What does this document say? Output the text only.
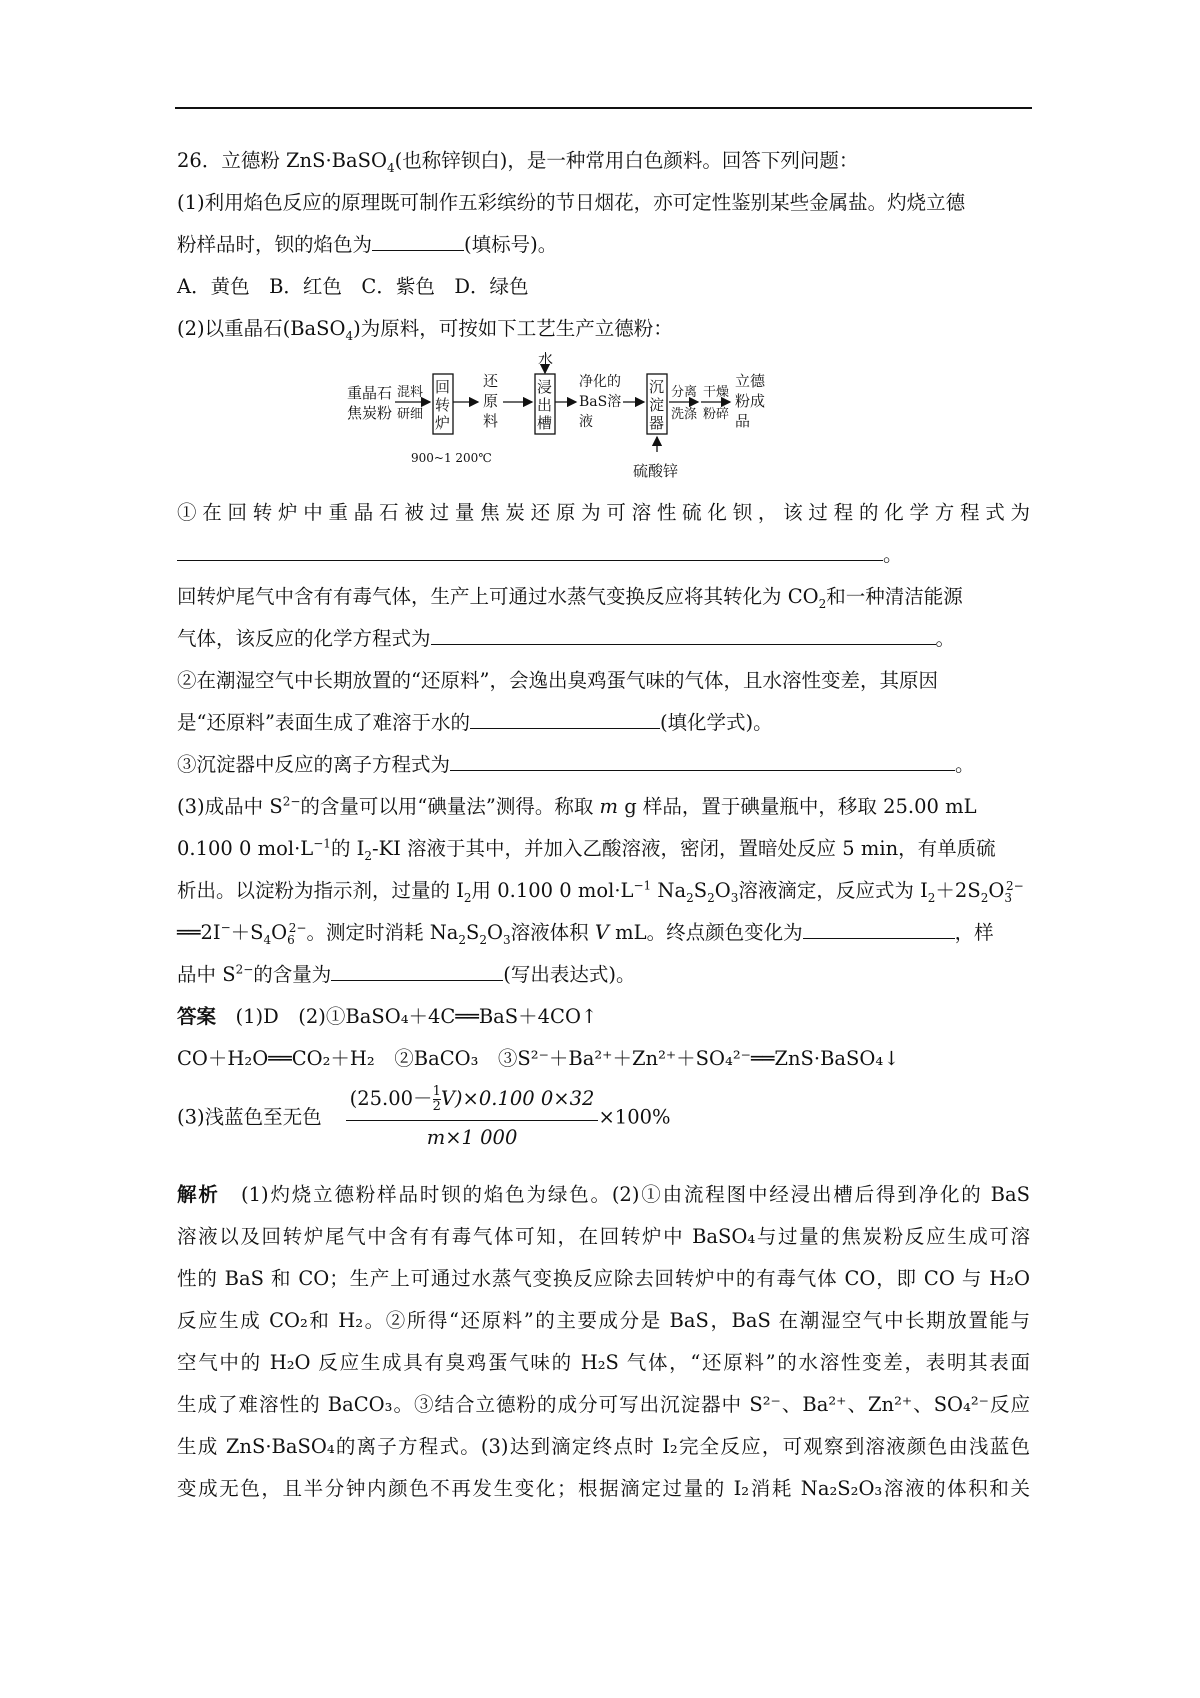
26．立德粉 ZnS·BaSO$_4$(也称锌钡白)，是一种常用白色颜料。回答下列问题：
(1)利用焰色反应的原理既可制作五彩缤纷的节日烟花，亦可定性鉴别某些金属盐。灼烧立德
粉样品时，钡的焰色为	(填标号)。
A．黄色　B．红色　C．紫色　D．绿色
(2)以重晶石(BaSO$_4$)为原料，可按如下工艺生产立德粉：
重晶石
焦炭粉
混料
研细
回
转
炉
900~1 200℃
还
原
料
水
浸
出
槽
净化的
BaS溶
液
沉
淀
器
硫酸锌
分离
洗涤
干燥
粉碎
立德
粉成
品
①在回转炉中重晶石被过量焦炭还原为可溶性硫化钡，该过程的化学方程式为
。
回转炉尾气中含有有毒气体，生产上可通过水蒸气变换反应将其转化为 $CO_2$和一种清洁能源
气体，该反应的化学方程式为	。
②在潮湿空气中长期放置的“还原料”，会逸出臭鸡蛋气味的气体，且水溶性变差，其原因
是“还原料”表面生成了难溶于水的	(填化学式)。
③沉淀器中反应的离子方程式为	。
(3)成品中 $S^{2-}$的含量可以用“碘量法”测得。称取 m g 样品，置于碘量瓶中，移取 25.00 mL
0.100 0 $mol\cdot L^{-1}$的 $I_2-KI$ 溶液于其中，并加入乙酸溶液，密闭，置暗处反应 5 min，有单质硫
析出。以淀粉为指示剂，过量的 $I_2$用 0.100 0 $mol\cdot L^{-1}$ $Na_2S_2O_3$溶液滴定，反应式为 $I_2+2S_2O_3^{2-}$
$══2I^-+S_4O_6^{2-}$。测定时消耗 $Na_2S_2O_3$溶液体积 V mL。终点颜色变化为	，样
品中 $S^{2-}$的含量为	(写出表达式)。
答案　 (1)D　(2)①BaSO₄＋4C══BaS＋4CO↑
CO＋H₂O══CO₂＋H₂　②BaCO₃　③S²⁻＋Ba²⁺＋Zn²⁺＋SO₄²⁻══ZnS·BaSO₄↓
(3)浅蓝色至无色 $\frac{(25.00- \frac{1}{2} V)\times 0.100 0\times 32}{m\times 1 000} \times 100\%$
解析　 (1)灼烧立德粉样品时钡的焰色为绿色。(2)①由流程图中经浸出槽后得到净化的 BaS
溶液以及回转炉尾气中含有有毒气体可知，在回转炉中 BaSO₄与过量的焦炭粉反应生成可溶
性的 BaS 和 CO；生产上可通过水蒸气变换反应除去回转炉中的有毒气体 CO，即 CO 与 H₂O
反应生成 CO₂和 H₂。②所得“还原料”的主要成分是 BaS，BaS 在潮湿空气中长期放置能与
空气中的 H₂O 反应生成具有臭鸡蛋气味的 H₂S 气体，“还原料”的水溶性变差，表明其表面
生成了难溶性的 BaCO₃。③结合立德粉的成分可写出沉淀器中 S²⁻、Ba²⁺、Zn²⁺、SO₄²⁻反应
生成 ZnS·BaSO₄的离子方程式。(3)达到滴定终点时 I₂完全反应，可观察到溶液颜色由浅蓝色
变成无色，且半分钟内颜色不再发生变化；根据滴定过量的 I₂消耗 Na₂S₂O₃溶液的体积和关
